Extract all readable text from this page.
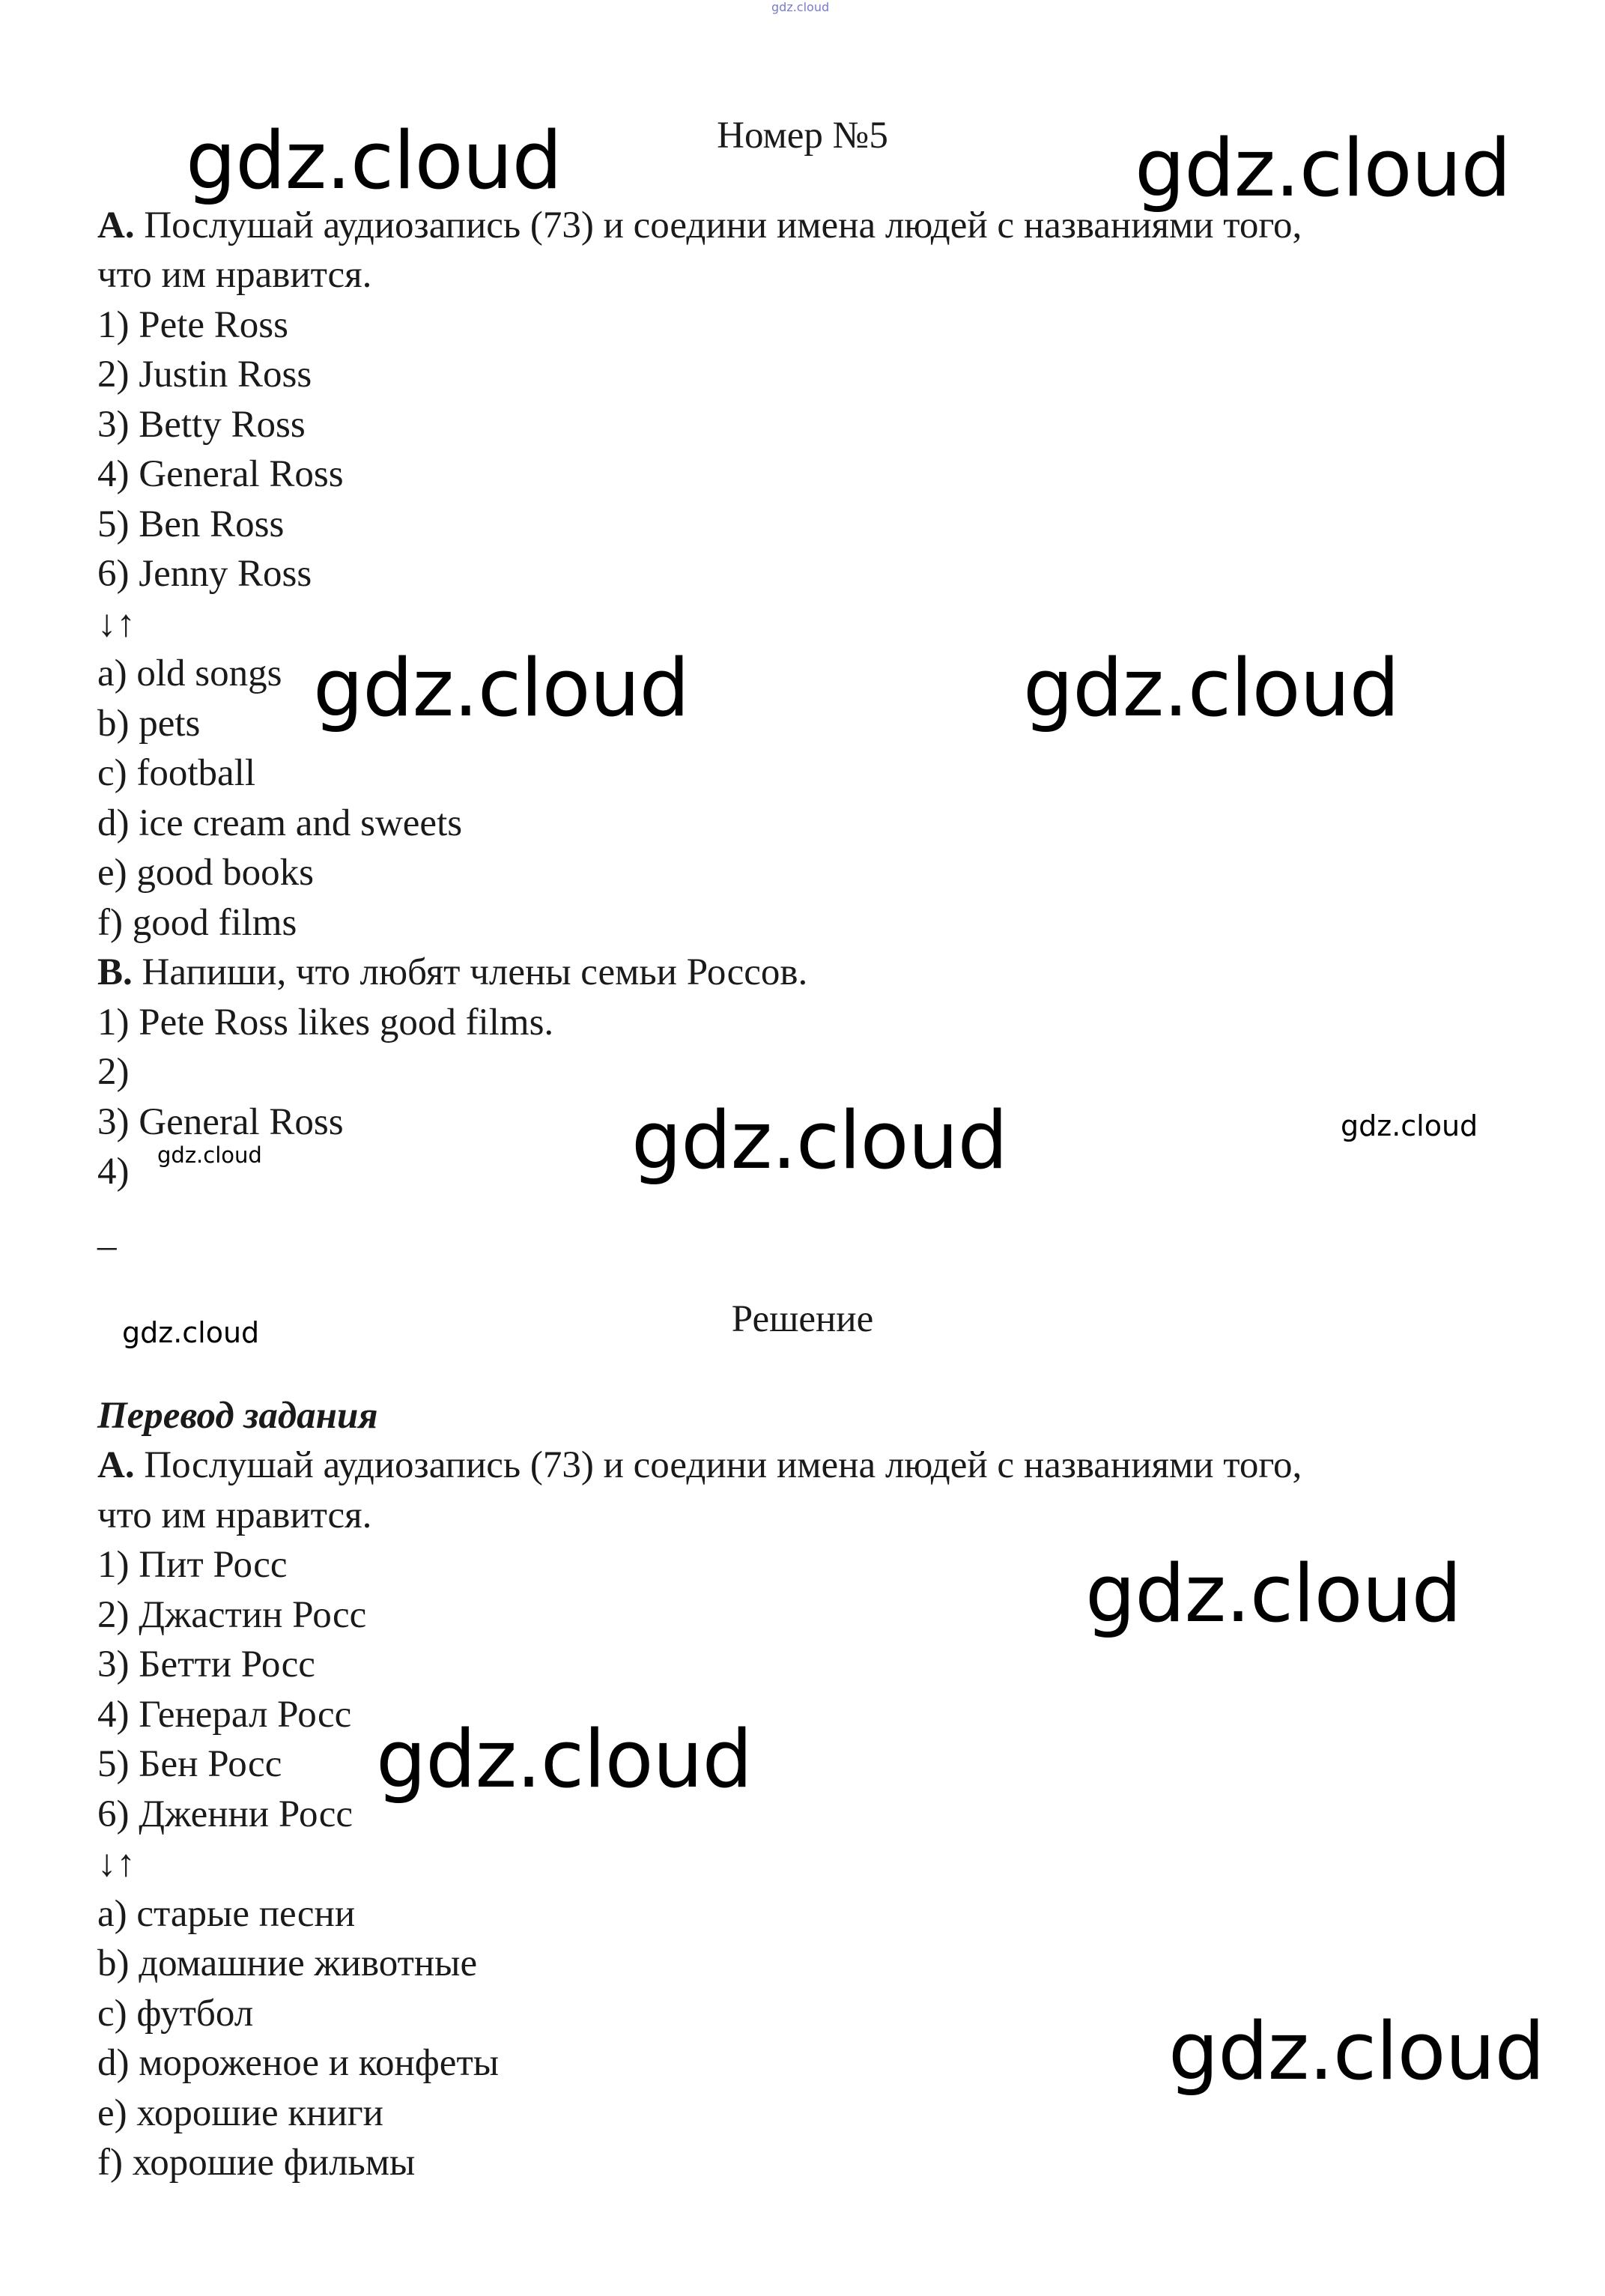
gdz.cloud
Номер №5
А. Послушай аудиозапись (73) и соедини имена людей с названиями того,
что им нравится.
1) Pete Ross
2) Justin Ross
3) Betty Ross
4) General Ross
5) Ben Ross
6) Jenny Ross
↓↑
a) old songs
b) pets
c) football
d) ice cream and sweets
e) good books
f) good films
В. Напиши, что любят члены семьи Россов.
1) Pete Ross likes good films.
2)
3) General Ross
4)
_
Решение
Перевод задания
А. Послушай аудиозапись (73) и соедини имена людей с названиями того,
что им нравится.
1) Пит Росс
2) Джастин Росс
3) Бетти Росс
4) Генерал Росс
5) Бен Росс
6) Дженни Росс
↓↑
a) старые песни
b) домашние животные
c) футбол
d) мороженое и конфеты
e) хорошие книги
f) хорошие фильмы
gdz.cloud	gdz.cloud
gdz.cloud	gdz.cloud
gdz.cloud	gdz.cloud
gdz.cloud
gdz.cloud
gdz.cloud
gdz.cloud
gdz.cloud
